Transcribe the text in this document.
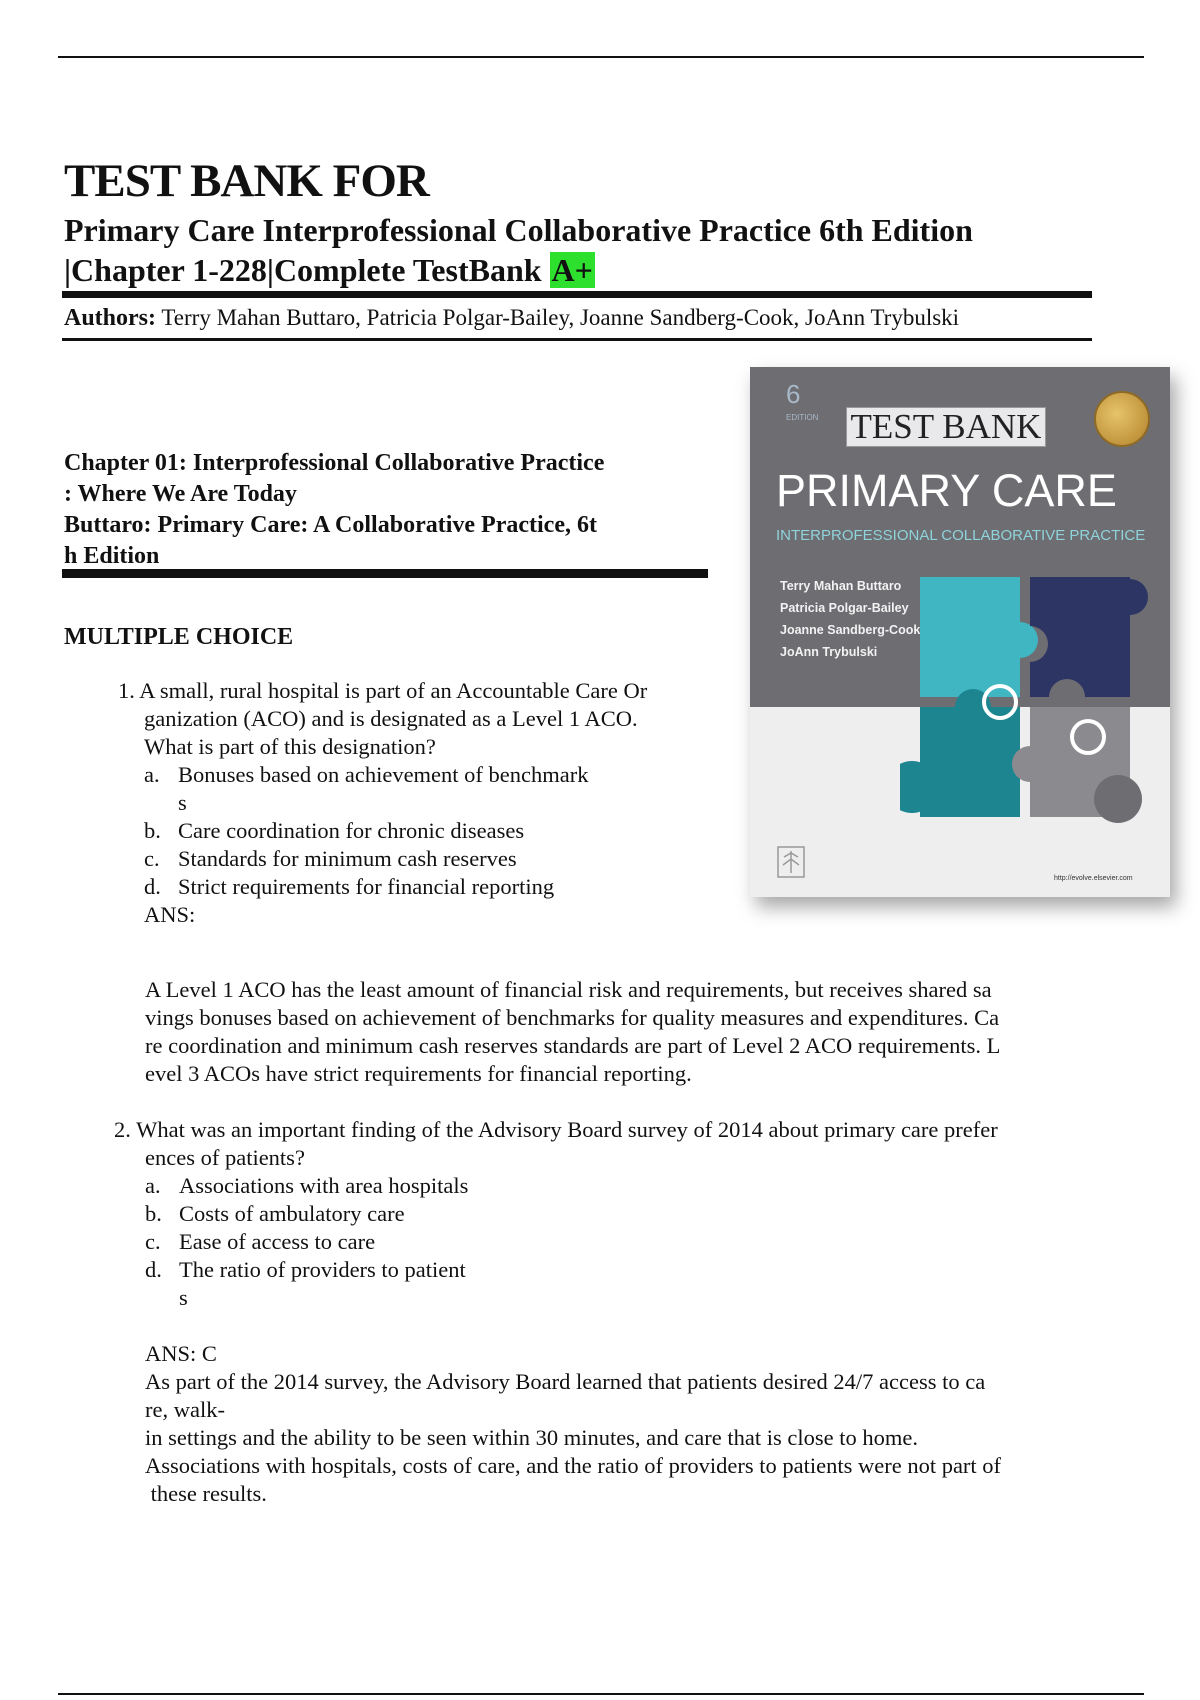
TEST BANK FOR
Primary Care Interprofessional Collaborative Practice 6th Edition
|Chapter 1-228|Complete TestBank A+
Authors: Terry Mahan Buttaro, Patricia Polgar-Bailey, Joanne Sandberg-Cook, JoAnn Trybulski
Chapter 01: Interprofessional Collaborative Practice
: Where We Are Today
Buttaro: Primary Care: A Collaborative Practice, 6t
h Edition
MULTIPLE CHOICE
1. A small, rural hospital is part of an Accountable Care Or
ganization (ACO) and is designated as a Level 1 ACO.
What is part of this designation?
a. Bonuses based on achievement of benchmark
s
b. Care coordination for chronic diseases
c. Standards for minimum cash reserves
d. Strict requirements for financial reporting
ANS:
A Level 1 ACO has the least amount of financial risk and requirements, but receives shared sa
vings bonuses based on achievement of benchmarks for quality measures and expenditures. Ca
re coordination and minimum cash reserves standards are part of Level 2 ACO requirements. L
evel 3 ACOs have strict requirements for financial reporting.
2. What was an important finding of the Advisory Board survey of 2014 about primary care prefer
ences of patients?
a. Associations with area hospitals
b. Costs of ambulatory care
c. Ease of access to care
d. The ratio of providers to patient
s
ANS: C
As part of the 2014 survey, the Advisory Board learned that patients desired 24/7 access to ca
re, walk-
in settings and the ability to be seen within 30 minutes, and care that is close to home.
Associations with hospitals, costs of care, and the ratio of providers to patients were not part of
these results.
6
EDITION TEST BANK
PRIMARY CARE
INTERPROFESSIONAL COLLABORATIVE PRACTICE
Terry Mahan Buttaro
Patricia Polgar-Bailey
Joanne Sandberg-Cook
JoAnn Trybulski
http://evolve.elsevier.com
